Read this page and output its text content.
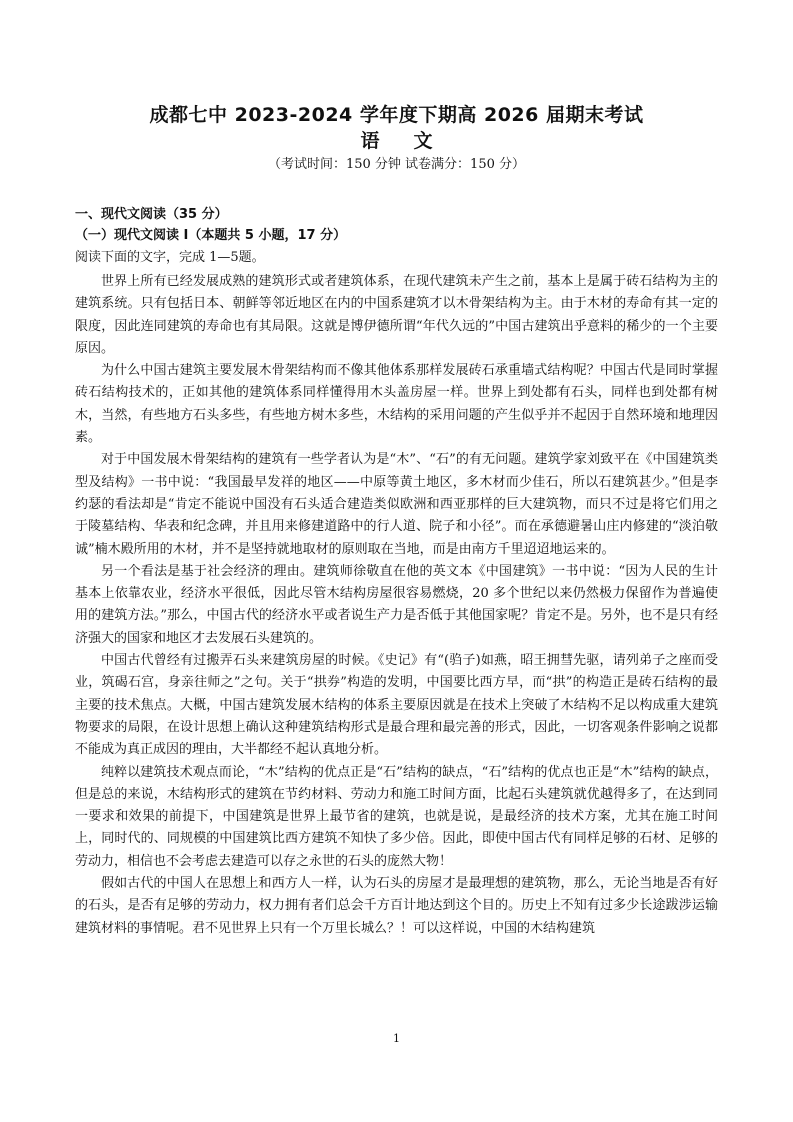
成都七中 2023-2024 学年度下期高 2026 届期末考试
语 文
（考试时间：150 分钟 试卷满分：150 分）
一、现代文阅读（35 分）
（一）现代文阅读 Ⅰ（本题共 5 小题，17 分）
阅读下面的文字，完成 1—5题。

世界上所有已经发展成熟的建筑形式或者建筑体系，在现代建筑未产生之前，基本上是属于砖石结构为主的建筑系统。只有包括日本、朝鲜等邻近地区在内的中国系建筑才以木骨架结构为主。由于木材的寿命有其一定的限度，因此连同建筑的寿命也有其局限。这就是博伊德所谓“年代久远的”中国古建筑出乎意料的稀少的一个主要原因。

为什么中国古建筑主要发展木骨架结构而不像其他体系那样发展砖石承重墙式结构呢？中国古代是同时掌握砖石结构技术的，正如其他的建筑体系同样懂得用木头盖房屋一样。世界上到处都有石头，同样也到处都有树木，当然，有些地方石头多些，有些地方树木多些，木结构的采用问题的产生似乎并不起因于自然环境和地理因素。

对于中国发展木骨架结构的建筑有一些学者认为是“木”、“石”的有无问题。建筑学家刘致平在《中国建筑类型及结构》一书中说：“我国最早发祥的地区——中原等黄土地区，多木材而少佳石，所以石建筑甚少。”但是李约瑟的看法却是“肯定不能说中国没有石头适合建造类似欧洲和西亚那样的巨大建筑物，而只不过是将它们用之于陵墓结构、华表和纪念碑，并且用来修建道路中的行人道、院子和小径”。而在承德避暑山庄内修建的“淡泊敬诚”楠木殿所用的木材，并不是坚持就地取材的原则取在当地，而是由南方千里迢迢地运来的。

另一个看法是基于社会经济的理由。建筑师徐敬直在他的英文本《中国建筑》一书中说：“因为人民的生计基本上依靠农业，经济水平很低，因此尽管木结构房屋很容易燃烧，20 多个世纪以来仍然极力保留作为普遍使用的建筑方法。”那么，中国古代的经济水平或者说生产力是否低于其他国家呢？肯定不是。另外，也不是只有经济强大的国家和地区才去发展石头建筑的。

中国古代曾经有过搬弄石头来建筑房屋的时候。《史记》有“(驺子)如燕，昭王拥彗先驱，请列弟子之座而受业，筑碣石宫，身亲往师之”之句。关于“拱券”构造的发明，中国要比西方早，而“拱”的构造正是砖石结构的最主要的技术焦点。大概，中国古建筑发展木结构的体系主要原因就是在技术上突破了木结构不足以构成重大建筑物要求的局限，在设计思想上确认这种建筑结构形式是最合理和最完善的形式，因此，一切客观条件影响之说都不能成为真正成因的理由，大半都经不起认真地分析。

纯粹以建筑技术观点而论，“木”结构的优点正是“石”结构的缺点，“石”结构的优点也正是“木”结构的缺点，但是总的来说，木结构形式的建筑在节约材料、劳动力和施工时间方面，比起石头建筑就优越得多了，在达到同一要求和效果的前提下，中国建筑是世界上最节省的建筑，也就是说，是最经济的技术方案，尤其在施工时间上，同时代的、同规模的中国建筑比西方建筑不知快了多少倍。因此，即使中国古代有同样足够的石材、足够的劳动力，相信也不会考虑去建造可以存之永世的石头的庞然大物！

假如古代的中国人在思想上和西方人一样，认为石头的房屋才是最理想的建筑物，那么，无论当地是否有好的石头，是否有足够的劳动力，权力拥有者们总会千方百计地达到这个目的。历史上不知有过多少长途跋涉运输建筑材料的事情呢。君不见世界上只有一个万里长城么？！可以这样说，中国的木结构建筑

1
